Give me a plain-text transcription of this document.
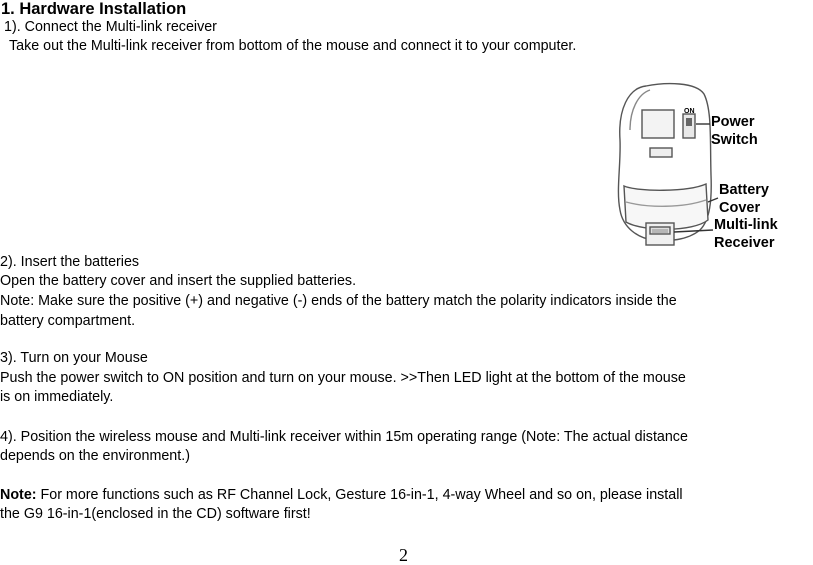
1. Hardware Installation
1). Connect the Multi-link receiver
Take out the Multi-link receiver from bottom of the mouse and connect it to your computer.
ON
Power
Switch
Battery
Cover
Multi-link
Receiver
2). Insert the batteries
Open the battery cover and insert the supplied batteries.
Note: Make sure the positive (+) and negative (-) ends of the battery match the polarity indicators inside the
battery compartment.
3). Turn on your Mouse
Push the power switch to ON position and turn on your mouse. >>Then LED light at the bottom of the mouse
is on immediately.
4). Position the wireless mouse and Multi-link receiver within 15m operating range (Note: The actual distance
depends on the environment.)
Note: For more functions such as RF Channel Lock, Gesture 16-in-1, 4-way Wheel and so on, please install
the G9 16-in-1(enclosed in the CD) software first!
2
